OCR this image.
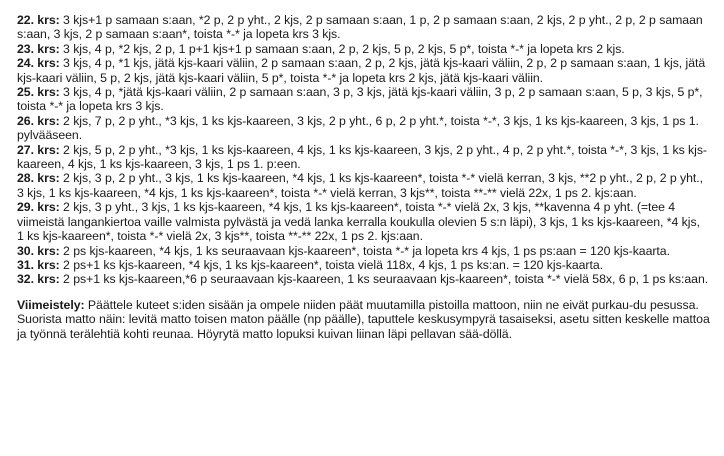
22. krs: 3 kjs+1 p samaan s:aan, *2 p, 2 p yht., 2 kjs, 2 p samaan s:aan, 1 p, 2 p samaan s:aan, 2 kjs, 2 p yht., 2 p, 2 p samaan s:aan, 3 kjs, 2 p samaan s:aan*, toista *-* ja lopeta krs 3 kjs.

23. krs: 3 kjs, 4 p, *2 kjs, 2 p, 1 p+1 kjs+1 p samaan s:aan, 2 p, 2 kjs, 5 p, 2 kjs, 5 p*, toista *-* ja lopeta krs 2 kjs.

24. krs: 3 kjs, 4 p, *1 kjs, jätä kjs-kaari väliin, 2 p samaan s:aan, 2 p, 2 kjs, jätä kjs-kaari väliin, 2 p, 2 p samaan s:aan, 1 kjs, jätä kjs-kaari väliin, 5 p, 2 kjs, jätä kjs-kaari väliin, 5 p*, toista *-* ja lopeta krs 2 kjs, jätä kjs-kaari väliin.

25. krs: 3 kjs, 4 p, *jätä kjs-kaari väliin, 2 p samaan s:aan, 3 p, 3 kjs, jätä kjs-kaari väliin, 3 p, 2 p samaan s:aan, 5 p, 3 kjs, 5 p*, toista *-* ja lopeta krs 3 kjs.

26. krs: 2 kjs, 7 p, 2 p yht., *3 kjs, 1 ks kjs-kaareen, 3 kjs, 2 p yht., 6 p, 2 p yht.*, toista *-*, 3 kjs, 1 ks kjs-kaareen, 3 kjs, 1 ps 1. pylvääseen.

27. krs: 2 kjs, 5 p, 2 p yht., *3 kjs, 1 ks kjs-kaareen, 4 kjs, 1 ks kjs-kaareen, 3 kjs, 2 p yht., 4 p, 2 p yht.*, toista *-*, 3 kjs, 1 ks kjs-kaareen, 4 kjs, 1 ks kjs-kaareen, 3 kjs, 1 ps 1. p:een.

28. krs: 2 kjs, 3 p, 2 p yht., 3 kjs, 1 ks kjs-kaareen, *4 kjs, 1 ks kjs-kaareen*, toista *-* vielä kerran, 3 kjs, **2 p yht., 2 p, 2 p yht., 3 kjs, 1 ks kjs-kaareen, *4 kjs, 1 ks kjs-kaareen*, toista *-* vielä kerran, 3 kjs**, toista **-** vielä 22x, 1 ps 2. kjs:aan.

29. krs: 2 kjs, 3 p yht., 3 kjs, 1 ks kjs-kaareen, *4 kjs, 1 ks kjs-kaareen*, toista *-* vielä 2x, 3 kjs, **kavenna 4 p yht. (=tee 4 viimeistä langankiertoa vaille valmista pylvästä ja vedä lanka kerralla koukulla olevien 5 s:n läpi), 3 kjs, 1 ks kjs-kaareen, *4 kjs, 1 ks kjs-kaareen*, toista *-* vielä 2x, 3 kjs**, toista **-** 22x, 1 ps 2. kjs:aan.

30. krs: 2 ps kjs-kaareen, *4 kjs, 1 ks seuraavaan kjs-kaareen*, toista *-* ja lopeta krs 4 kjs, 1 ps ps:aan = 120 kjs-kaarta.

31. krs: 2 ps+1 ks kjs-kaareen, *4 kjs, 1 ks kjs-kaareen*, toista vielä 118x, 4 kjs, 1 ps ks:an. = 120 kjs-kaarta.

32. krs: 2 ps+1 ks kjs-kaareen,*6 p seuraavaan kjs-kaareen, 1 ks seuraavaan kjs-kaareen*, toista *-* vielä 58x, 6 p, 1 ps ks:aan.

Viimeistely: Päättele kuteet s:iden sisään ja ompele niiden päät muutamilla pistoilla mattoon, niin ne eivät purkau-du pesussa. Suorista matto näin: levitä matto toisen maton päälle (np päälle), taputtele keskusympyrä tasaiseksi, asetu sitten keskelle mattoa ja työnnä terälehtiä kohti reunaa. Höyrytä matto lopuksi kuivan liinan läpi pellavan sää-döllä.
